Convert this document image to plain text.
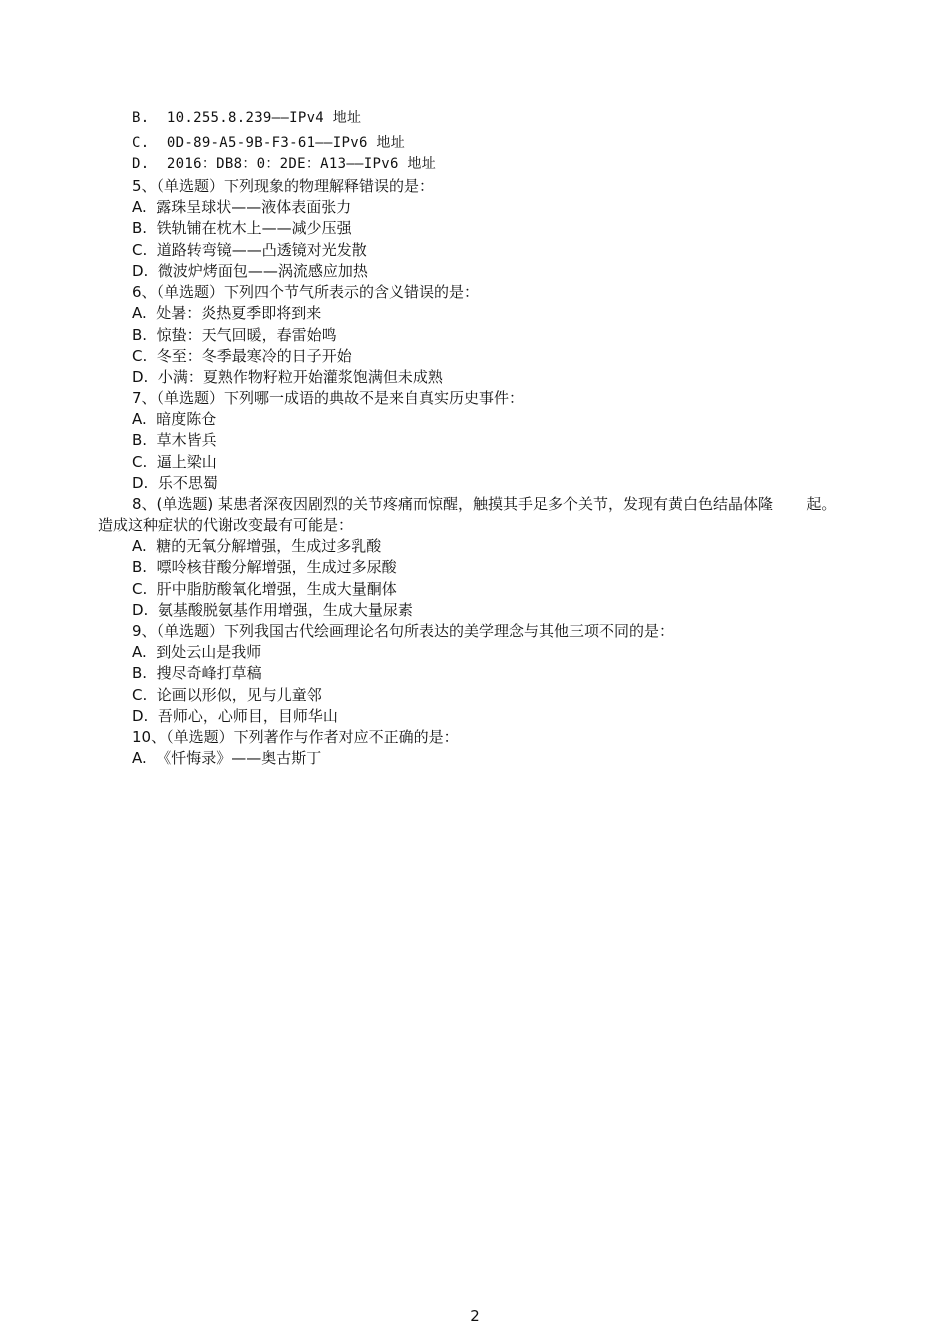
B.  10.255.8.239——IPv4 地址
C.  0D-89-A5-9B-F3-61——IPv6 地址
D.  2016：DB8：0：2DE：A13——IPv6 地址
5、（单选题）下列现象的物理解释错误的是：
A.  露珠呈球状——液体表面张力
B.  铁轨铺在枕木上——减少压强
C.  道路转弯镜——凸透镜对光发散
D.  微波炉烤面包——涡流感应加热
6、（单选题）下列四个节气所表示的含义错误的是：
A.  处暑：炎热夏季即将到来
B.  惊蛰：天气回暖，春雷始鸣
C.  冬至：冬季最寒冷的日子开始
D.  小满：夏熟作物籽粒开始灌浆饱满但未成熟
7、（单选题）下列哪一成语的典故不是来自真实历史事件：
A.  暗度陈仓
B.  草木皆兵
C.  逼上梁山
D.  乐不思蜀
8、(单选题) 某患者深夜因剧烈的关节疼痛而惊醒，触摸其手足多个关节，发现有黄白色结晶体隆       起。
造成这种症状的代谢改变最有可能是：
A.  糖的无氧分解增强，生成过多乳酸
B.  嘌呤核苷酸分解增强，生成过多尿酸
C.  肝中脂肪酸氧化增强，生成大量酮体
D.  氨基酸脱氨基作用增强，生成大量尿素
9、（单选题）下列我国古代绘画理论名句所表达的美学理念与其他三项不同的是：
A.  到处云山是我师
B.  搜尽奇峰打草稿
C.  论画以形似，见与儿童邻
D.  吾师心，心师目，目师华山
10、（单选题）下列著作与作者对应不正确的是：
A.  《忏悔录》——奥古斯丁
2
